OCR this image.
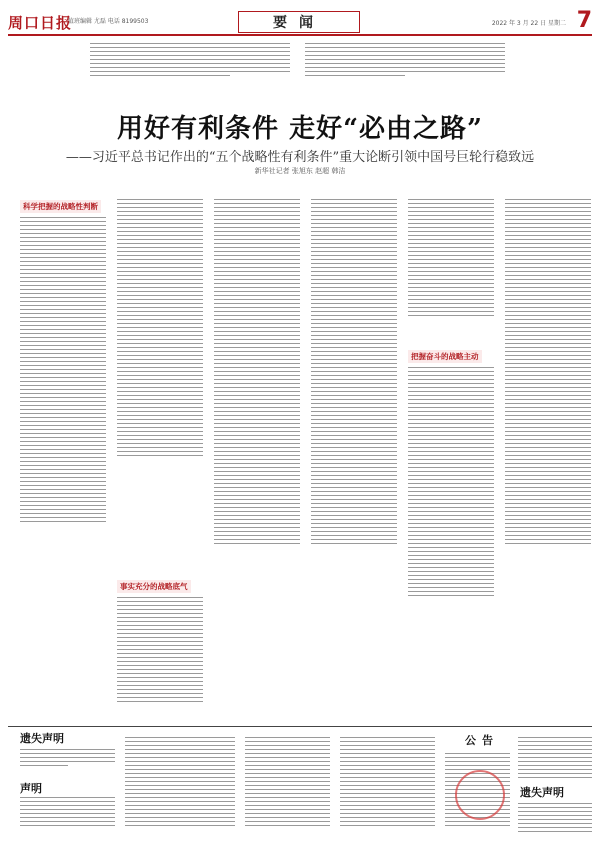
周口日报
值班编辑 尤磊 电话 8199503	要闻	2022 年 3 月 22 日 星期二 7
用好有利条件 走好“必由之路”
——习近平总书记作出的“五个战略性有利条件”重大论断引领中国号巨轮行稳致远
新华社记者 张旭东 赵超 韩洁
科学把握的战略性判断
事实充分的战略底气
把握奋斗的战略主动
遗失声明
声明
公告
遗失声明
